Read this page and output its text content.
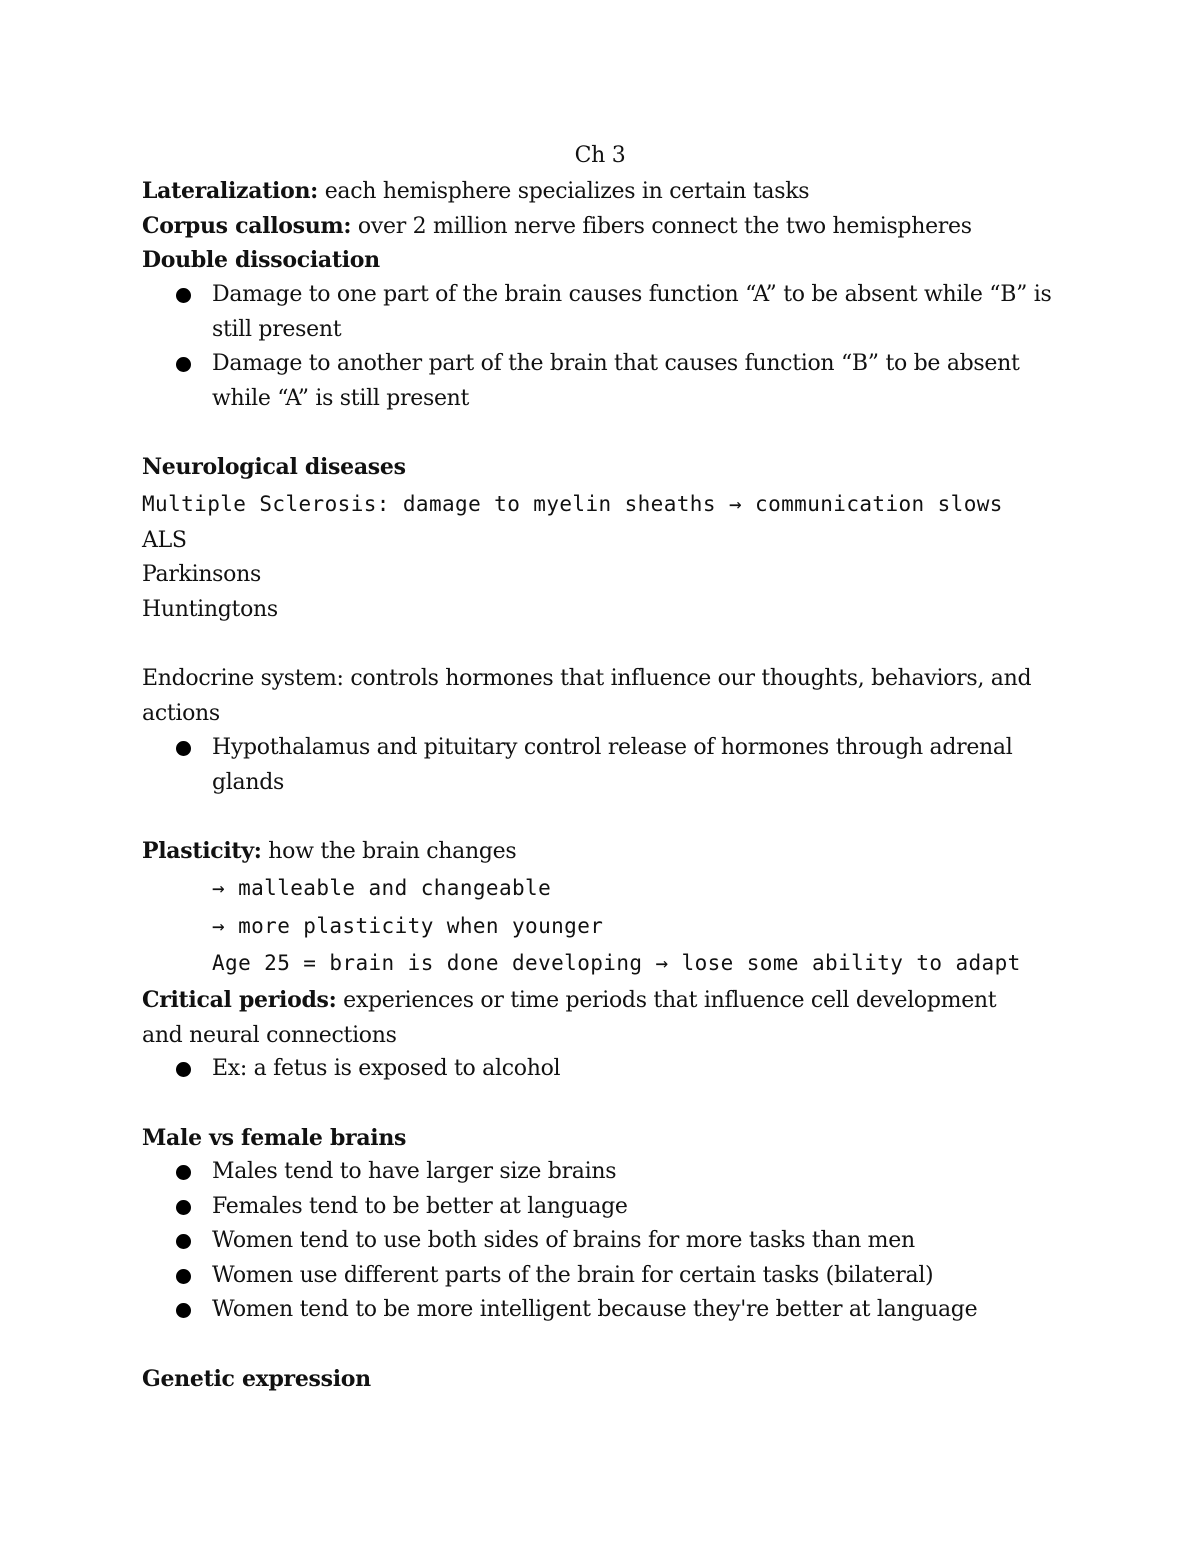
Ch 3
Lateralization: each hemisphere specializes in certain tasks
Corpus callosum: over 2 million nerve fibers connect the two hemispheres
Double dissociation
Damage to one part of the brain causes function “A” to be absent while “B” is still present
Damage to another part of the brain that causes function “B” to be absent while “A” is still present
Neurological diseases
Multiple Sclerosis: damage to myelin sheaths → communication slows
ALS
Parkinsons
Huntingtons
Endocrine system: controls hormones that influence our thoughts, behaviors, and actions
Hypothalamus and pituitary control release of hormones through adrenal glands
Plasticity: how the brain changes
→ malleable and changeable
→ more plasticity when younger
Age 25 = brain is done developing → lose some ability to adapt
Critical periods: experiences or time periods that influence cell development and neural connections
Ex: a fetus is exposed to alcohol
Male vs female brains
Males tend to have larger size brains
Females tend to be better at language
Women tend to use both sides of brains for more tasks than men
Women use different parts of the brain for certain tasks (bilateral)
Women tend to be more intelligent because they're better at language
Genetic expression
